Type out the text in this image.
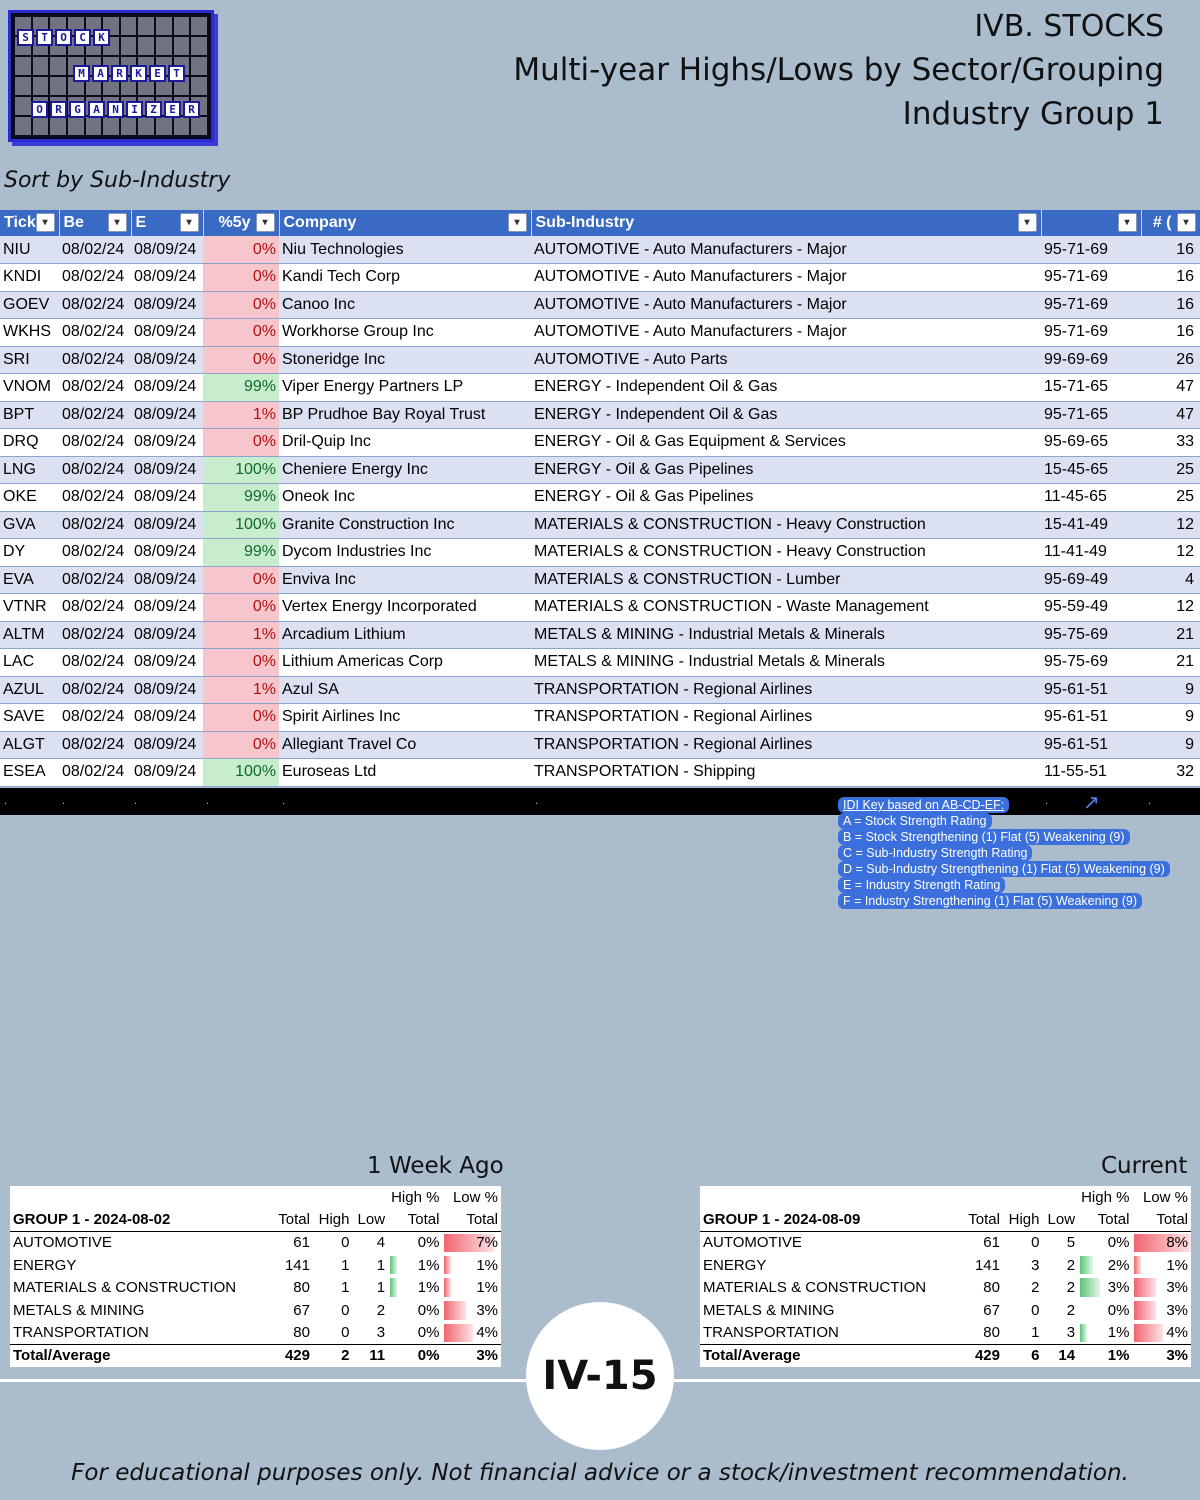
S	T	O	C	K
M	A	R	K	E	T
O	R	G	A	N	I	Z	E	R
IVB. STOCKS
Multi-year Highs/Lows by Sector/Grouping
Industry Group 1
Sort by Sub-Industry
Tick ▾	Be ▾	E ▾	%5y ▾	Company ▾	Sub-Industry ▾	▾	# ( ▾

NIU	08/02/24	08/09/24	0%	Niu Technologies	AUTOMOTIVE - Auto Manufacturers - Major	95-71-69	16
KNDI	08/02/24	08/09/24	0%	Kandi Tech Corp	AUTOMOTIVE - Auto Manufacturers - Major	95-71-69	16
GOEV	08/02/24	08/09/24	0%	Canoo Inc	AUTOMOTIVE - Auto Manufacturers - Major	95-71-69	16
WKHS	08/02/24	08/09/24	0%	Workhorse Group Inc	AUTOMOTIVE - Auto Manufacturers - Major	95-71-69	16
SRI	08/02/24	08/09/24	0%	Stoneridge Inc	AUTOMOTIVE - Auto Parts	99-69-69	26
VNOM	08/02/24	08/09/24	99%	Viper Energy Partners LP	ENERGY - Independent Oil & Gas	15-71-65	47
BPT	08/02/24	08/09/24	1%	BP Prudhoe Bay Royal Trust	ENERGY - Independent Oil & Gas	95-71-65	47
DRQ	08/02/24	08/09/24	0%	Dril-Quip Inc	ENERGY - Oil & Gas Equipment & Services	95-69-65	33
LNG	08/02/24	08/09/24	100%	Cheniere Energy Inc	ENERGY - Oil & Gas Pipelines	15-45-65	25
OKE	08/02/24	08/09/24	99%	Oneok Inc	ENERGY - Oil & Gas Pipelines	11-45-65	25
GVA	08/02/24	08/09/24	100%	Granite Construction Inc	MATERIALS & CONSTRUCTION - Heavy Construction	15-41-49	12
DY	08/02/24	08/09/24	99%	Dycom Industries Inc	MATERIALS & CONSTRUCTION - Heavy Construction	11-41-49	12
EVA	08/02/24	08/09/24	0%	Enviva Inc	MATERIALS & CONSTRUCTION - Lumber	95-69-49	4
VTNR	08/02/24	08/09/24	0%	Vertex Energy Incorporated	MATERIALS & CONSTRUCTION - Waste Management	95-59-49	12
ALTM	08/02/24	08/09/24	1%	Arcadium Lithium	METALS & MINING - Industrial Metals & Minerals	95-75-69	21
LAC	08/02/24	08/09/24	0%	Lithium Americas Corp	METALS & MINING - Industrial Metals & Minerals	95-75-69	21
AZUL	08/02/24	08/09/24	1%	Azul SA	TRANSPORTATION - Regional Airlines	95-61-51	9
SAVE	08/02/24	08/09/24	0%	Spirit Airlines Inc	TRANSPORTATION - Regional Airlines	95-61-51	9
ALGT	08/02/24	08/09/24	0%	Allegiant Travel Co	TRANSPORTATION - Regional Airlines	95-61-51	9
ESEA	08/02/24	08/09/24	100%	Euroseas Ltd	TRANSPORTATION - Shipping	11-55-51	32
.	.	.	.	.	.	.	.
↑
IDI Key based on AB-CD-EF:
A = Stock Strength Rating
B = Stock Strengthening (1) Flat (5) Weakening (9)
C = Sub-Industry Strength Rating
D = Sub-Industry Strengthening (1) Flat (5) Weakening (9)
E = Industry Strength Rating
F = Industry Strengthening (1) Flat (5) Weakening (9)
1 Week Ago
				High %	Low %
GROUP 1 - 2024-08-02	Total	High	Low	Total	Total
AUTOMOTIVE	61	0	4	0%	7%
ENERGY	141	1	1	1%	1%
MATERIALS & CONSTRUCTION	80	1	1	1%	1%
METALS & MINING	67	0	2	0%	3%
TRANSPORTATION	80	0	3	0%	4%
Total/Average	429	2	11	0%	3%
Current
				High %	Low %
GROUP 1 - 2024-08-09	Total	High	Low	Total	Total
AUTOMOTIVE	61	0	5	0%	8%
ENERGY	141	3	2	2%	1%
MATERIALS & CONSTRUCTION	80	2	2	3%	3%
METALS & MINING	67	0	2	0%	3%
TRANSPORTATION	80	1	3	1%	4%
Total/Average	429	6	14	1%	3%
IV-15
For educational purposes only. Not financial advice or a stock/investment recommendation.
